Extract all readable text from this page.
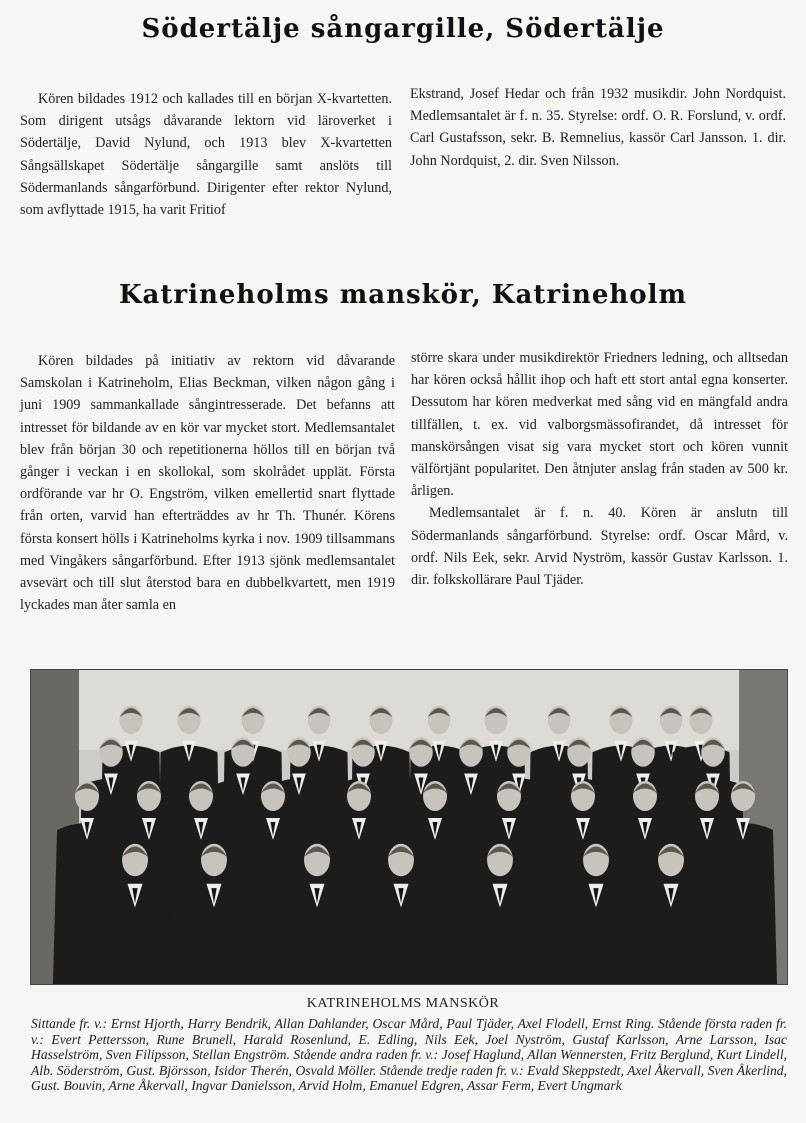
Södertälje sångargille, Södertälje

Kören bildades 1912 och kallades till en början X-kvartetten. Som dirigent utsågs dåvarande lektorn vid läroverket i Södertälje, David Nylund, och 1913 blev X-kvartetten Sångsällskapet Södertälje sångargille samt anslöts till Södermanlands sångarförbund. Dirigenter efter rektor Nylund, som avflyttade 1915, ha varit Fritiof

Ekstrand, Josef Hedar och från 1932 musikdir. John Nordquist. Medlemsantalet är f. n. 35. Styrelse: ordf. O. R. Forslund, v. ordf. Carl Gustafsson, sekr. B. Remnelius, kassör Carl Jansson. 1. dir. John Nordquist, 2. dir. Sven Nilsson.

Katrineholms manskör, Katrineholm

Kören bildades på initiativ av rektorn vid dåvarande Samskolan i Katrineholm, Elias Beckman, vilken någon gång i juni 1909 sammankallade sångintresserade. Det befanns att intresset för bildande av en kör var mycket stort. Medlemsantalet blev från början 30 och repetitionerna höllos till en början två gånger i veckan i en skollokal, som skolrådet upplät. Första ordförande var hr O. Engström, vilken emellertid snart flyttade från orten, varvid han efterträddes av hr Th. Thunér. Körens första konsert hölls i Katrineholms kyrka i nov. 1909 tillsammans med Vingåkers sångarförbund. Efter 1913 sjönk medlemsantalet avsevärt och till slut återstod bara en dubbelkvartett, men 1919 lyckades man åter samla en

större skara under musikdirektör Friedners ledning, och alltsedan har kören också hållit ihop och haft ett stort antal egna konserter. Dessutom har kören medverkat med sång vid en mängfald andra tillfällen, t. ex. vid valborgsmässofirandet, då intresset för manskörsången visat sig vara mycket stort och kören vunnit välförtjänt popularitet. Den åtnjuter anslag från staden av 500 kr. årligen.

Medlemsantalet är f. n. 40. Kören är anslutn till Södermanlands sångarförbund. Styrelse: ordf. Oscar Mård, v. ordf. Nils Eek, sekr. Arvid Nyström, kassör Gustav Karlsson. 1. dir. folkskollärare Paul Tjäder.

KATRINEHOLMS MANSKÖR
Sittande fr. v.: Ernst Hjorth, Harry Bendrik, Allan Dahlander, Oscar Mård, Paul Tjäder, Axel Flodell, Ernst Ring. Stående första raden fr. v.: Evert Pettersson, Rune Brunell, Harald Rosenlund, E. Edling, Nils Eek, Joel Nyström, Gustaf Karlsson, Arne Larsson, Isac Hasselström, Sven Filipsson, Stellan Engström. Stående andra raden fr. v.: Josef Haglund, Allan Wennersten, Fritz Berglund, Kurt Lindell, Alb. Söderström, Gust. Björsson, Isidor Therén, Osvald Möller. Stående tredje raden fr. v.: Evald Skeppstedt, Axel Åkervall, Sven Åkerlind, Gust. Bouvin, Arne Åkervall, Ingvar Danielsson, Arvid Holm, Emanuel Edgren, Assar Ferm, Evert Ungmark
